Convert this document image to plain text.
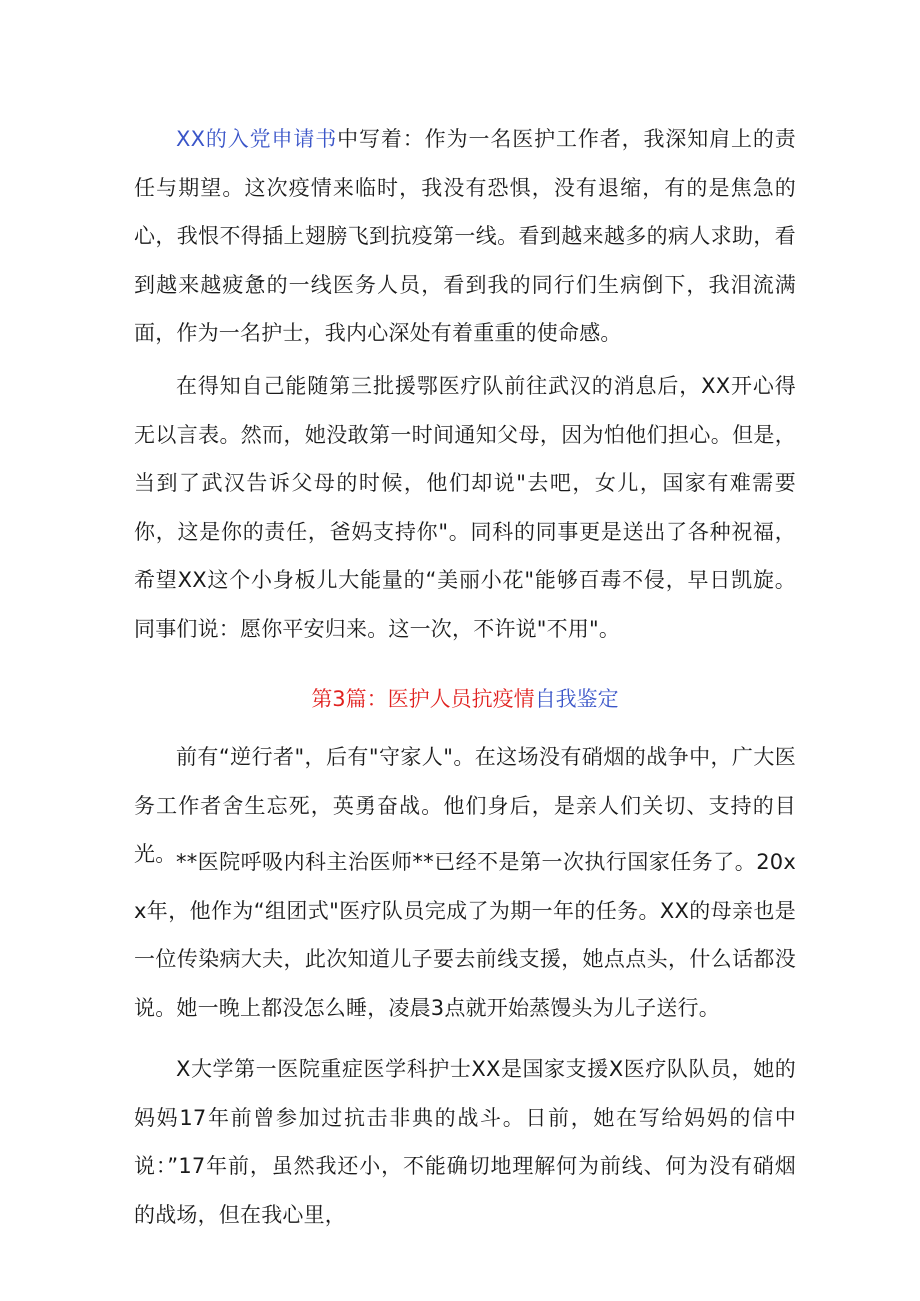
XX的入党申请书中写着：作为一名医护工作者，我深知肩上的责任与期望。这次疫情来临时，我没有恐惧，没有退缩，有的是焦急的心，我恨不得插上翅膀飞到抗疫第一线。看到越来越多的病人求助，看到越来越疲惫的一线医务人员，看到我的同行们生病倒下，我泪流满面，作为一名护士，我内心深处有着重重的使命感。

在得知自己能随第三批援鄂医疗队前往武汉的消息后，XX开心得无以言表。然而，她没敢第一时间通知父母，因为怕他们担心。但是，当到了武汉告诉父母的时候，他们却说"去吧，女儿，国家有难需要你，这是你的责任，爸妈支持你"。同科的同事更是送出了各种祝福，希望XX这个小身板儿大能量的“美丽小花"能够百毒不侵，早日凯旋。同事们说：愿你平安归来。这一次，不许说"不用"。

第3篇：医护人员抗疫情自我鉴定

前有“逆行者"，后有"守家人"。在这场没有硝烟的战争中，广大医务工作者舍生忘死，英勇奋战。他们身后，是亲人们关切、支持的目光。 **医院呼吸内科主治医师**已经不是第一次执行国家任务了。20xx年，他作为“组团式"医疗队员完成了为期一年的任务。XX的母亲也是一位传染病大夫，此次知道儿子要去前线支援，她点点头，什么话都没说。她一晚上都没怎么睡，凌晨3点就开始蒸馒头为儿子送行。

X大学第一医院重症医学科护士XX是国家支援X医疗队队员，她的妈妈17年前曾参加过抗击非典的战斗。日前，她在写给妈妈的信中说：”17年前，虽然我还小，不能确切地理解何为前线、何为没有硝烟的战场，但在我心里，
